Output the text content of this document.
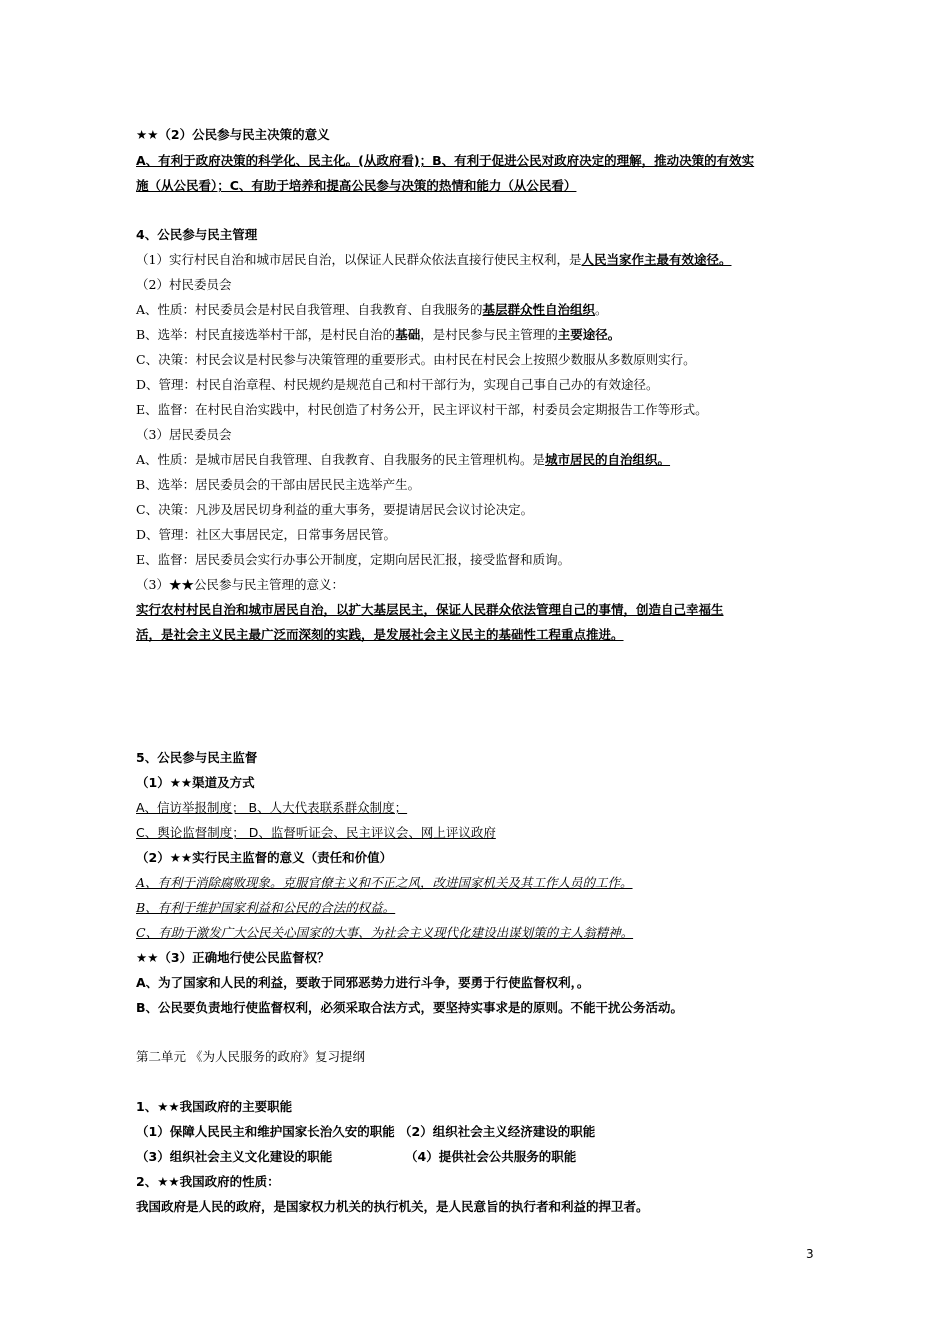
★★（2）公民参与民主决策的意义
A、有利于政府决策的科学化、民主化。(从政府看)；B、有利于促进公民对政府决定的理解，推动决策的有效实
施（从公民看）；C、有助于培养和提高公民参与决策的热情和能力（从公民看）
4、公民参与民主管理
（1）实行村民自治和城市居民自治，以保证人民群众依法直接行使民主权利，是人民当家作主最有效途径。
（2）村民委员会
A、性质：村民委员会是村民自我管理、自我教育、自我服务的基层群众性自治组织。
B、选举：村民直接选举村干部，是村民自治的基础，是村民参与民主管理的主要途径。
C、决策：村民会议是村民参与决策管理的重要形式。由村民在村民会上按照少数服从多数原则实行。
D、管理：村民自治章程、村民规约是规范自己和村干部行为，实现自己事自己办的有效途径。
E、监督：在村民自治实践中，村民创造了村务公开，民主评议村干部，村委员会定期报告工作等形式。
（3）居民委员会
A、性质：是城市居民自我管理、自我教育、自我服务的民主管理机构。是城市居民的自治组织。
B、选举：居民委员会的干部由居民民主选举产生。
C、决策：凡涉及居民切身利益的重大事务，要提请居民会议讨论决定。
D、管理：社区大事居民定，日常事务居民管。
E、监督：居民委员会实行办事公开制度，定期向居民汇报，接受监督和质询。
（3）★★公民参与民主管理的意义：
实行农村村民自治和城市居民自治，以扩大基层民主，保证人民群众依法管理自己的事情，创造自己幸福生
活，是社会主义民主最广泛而深刻的实践，是发展社会主义民主的基础性工程重点推进。
5、公民参与民主监督
（1）★★渠道及方式
A、信访举报制度； B、人大代表联系群众制度；
C、舆论监督制度； D、监督听证会、民主评议会、网上评议政府
（2）★★实行民主监督的意义（责任和价值）
A、有利于消除腐败现象。克服官僚主义和不正之风，改进国家机关及其工作人员的工作。
B、有利于维护国家利益和公民的合法的权益。
C、有助于激发广大公民关心国家的大事、为社会主义现代化建设出谋划策的主人翁精神。
★★（3）正确地行使公民监督权？
A、为了国家和人民的利益，要敢于同邪恶势力进行斗争，要勇于行使监督权利，。
B、公民要负责地行使监督权利，必须采取合法方式，要坚持实事求是的原则。不能干扰公务活动。
第二单元 《为人民服务的政府》复习提纲
1、★★我国政府的主要职能
（1）保障人民民主和维护国家长治久安的职能 （2）组织社会主义经济建设的职能
（3）组织社会主义文化建设的职能	（4）提供社会公共服务的职能
2、★★我国政府的性质：
我国政府是人民的政府，是国家权力机关的执行机关，是人民意旨的执行者和利益的捍卫者。
3
